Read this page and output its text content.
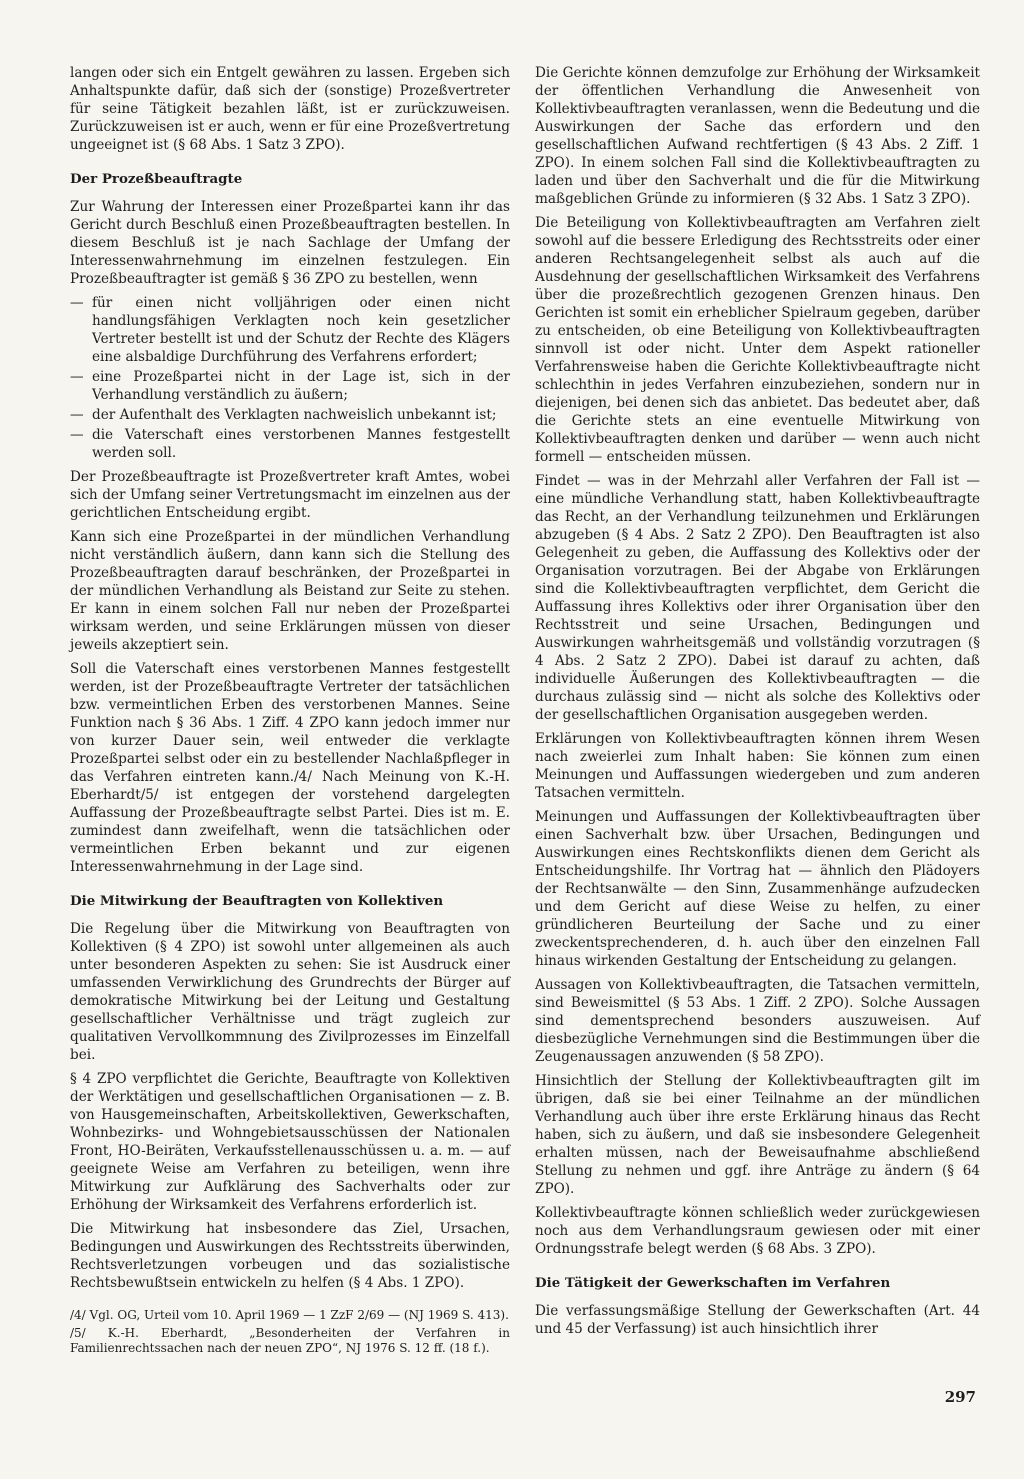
langen oder sich ein Entgelt gewähren zu lassen. Ergeben sich Anhaltspunkte dafür, daß sich der (sonstige) Prozeßvertreter für seine Tätigkeit bezahlen läßt, ist er zurückzuweisen. Zurückzuweisen ist er auch, wenn er für eine Prozeßvertretung ungeeignet ist (§ 68 Abs. 1 Satz 3 ZPO).

Der Prozeßbeauftragte

Zur Wahrung der Interessen einer Prozeßpartei kann ihr das Gericht durch Beschluß einen Prozeßbeauftragten bestellen. In diesem Beschluß ist je nach Sachlage der Umfang der Interessenwahrnehmung im einzelnen festzulegen. Ein Prozeßbeauftragter ist gemäß § 36 ZPO zu bestellen, wenn

— für einen nicht volljährigen oder einen nicht handlungsfähigen Verklagten noch kein gesetzlicher Vertreter bestellt ist und der Schutz der Rechte des Klägers eine alsbaldige Durchführung des Verfahrens erfordert;
— eine Prozeßpartei nicht in der Lage ist, sich in der Verhandlung verständlich zu äußern;
— der Aufenthalt des Verklagten nachweislich unbekannt ist;
— die Vaterschaft eines verstorbenen Mannes festgestellt werden soll.

Der Prozeßbeauftragte ist Prozeßvertreter kraft Amtes, wobei sich der Umfang seiner Vertretungsmacht im einzelnen aus der gerichtlichen Entscheidung ergibt.

Kann sich eine Prozeßpartei in der mündlichen Verhandlung nicht verständlich äußern, dann kann sich die Stellung des Prozeßbeauftragten darauf beschränken, der Prozeßpartei in der mündlichen Verhandlung als Beistand zur Seite zu stehen. Er kann in einem solchen Fall nur neben der Prozeßpartei wirksam werden, und seine Erklärungen müssen von dieser jeweils akzeptiert sein.

Soll die Vaterschaft eines verstorbenen Mannes festgestellt werden, ist der Prozeßbeauftragte Vertreter der tatsächlichen bzw. vermeintlichen Erben des verstorbenen Mannes. Seine Funktion nach § 36 Abs. 1 Ziff. 4 ZPO kann jedoch immer nur von kurzer Dauer sein, weil entweder die verklagte Prozeßpartei selbst oder ein zu bestellender Nachlaßpfleger in das Verfahren eintreten kann./4/ Nach Meinung von K.-H. Eberhardt/5/ ist entgegen der vorstehend dargelegten Auffassung der Prozeßbeauftragte selbst Partei. Dies ist m. E. zumindest dann zweifelhaft, wenn die tatsächlichen oder vermeintlichen Erben bekannt und zur eigenen Interessenwahrnehmung in der Lage sind.

Die Mitwirkung der Beauftragten von Kollektiven

Die Regelung über die Mitwirkung von Beauftragten von Kollektiven (§ 4 ZPO) ist sowohl unter allgemeinen als auch unter besonderen Aspekten zu sehen: Sie ist Ausdruck einer umfassenden Verwirklichung des Grundrechts der Bürger auf demokratische Mitwirkung bei der Leitung und Gestaltung gesellschaftlicher Verhältnisse und trägt zugleich zur qualitativen Vervollkommnung des Zivilprozesses im Einzelfall bei.

§ 4 ZPO verpflichtet die Gerichte, Beauftragte von Kollektiven der Werktätigen und gesellschaftlichen Organisationen — z. B. von Hausgemeinschaften, Arbeitskollektiven, Gewerkschaften, Wohnbezirks- und Wohngebietsausschüssen der Nationalen Front, HO-Beiräten, Verkaufsstellenausschüssen u. a. m. — auf geeignete Weise am Verfahren zu beteiligen, wenn ihre Mitwirkung zur Aufklärung des Sachverhalts oder zur Erhöhung der Wirksamkeit des Verfahrens erforderlich ist.

Die Mitwirkung hat insbesondere das Ziel, Ursachen, Bedingungen und Auswirkungen des Rechtsstreits überwinden, Rechtsverletzungen vorbeugen und das sozialistische Rechtsbewußtsein entwickeln zu helfen (§ 4 Abs. 1 ZPO).

/4/ Vgl. OG, Urteil vom 10. April 1969 — 1 ZzF 2/69 — (NJ 1969 S. 413).

/5/ K.-H. Eberhardt, „Besonderheiten der Verfahren in Familienrechtssachen nach der neuen ZPO“, NJ 1976 S. 12 ff. (18 f.).

Die Gerichte können demzufolge zur Erhöhung der Wirksamkeit der öffentlichen Verhandlung die Anwesenheit von Kollektivbeauftragten veranlassen, wenn die Bedeutung und die Auswirkungen der Sache das erfordern und den gesellschaftlichen Aufwand rechtfertigen (§ 43 Abs. 2 Ziff. 1 ZPO). In einem solchen Fall sind die Kollektivbeauftragten zu laden und über den Sachverhalt und die für die Mitwirkung maßgeblichen Gründe zu informieren (§ 32 Abs. 1 Satz 3 ZPO).

Die Beteiligung von Kollektivbeauftragten am Verfahren zielt sowohl auf die bessere Erledigung des Rechtsstreits oder einer anderen Rechtsangelegenheit selbst als auch auf die Ausdehnung der gesellschaftlichen Wirksamkeit des Verfahrens über die prozeßrechtlich gezogenen Grenzen hinaus. Den Gerichten ist somit ein erheblicher Spielraum gegeben, darüber zu entscheiden, ob eine Beteiligung von Kollektivbeauftragten sinnvoll ist oder nicht. Unter dem Aspekt rationeller Verfahrensweise haben die Gerichte Kollektivbeauftragte nicht schlechthin in jedes Verfahren einzubeziehen, sondern nur in diejenigen, bei denen sich das anbietet. Das bedeutet aber, daß die Gerichte stets an eine eventuelle Mitwirkung von Kollektivbeauftragten denken und darüber — wenn auch nicht formell — entscheiden müssen.

Findet — was in der Mehrzahl aller Verfahren der Fall ist — eine mündliche Verhandlung statt, haben Kollektivbeauftragte das Recht, an der Verhandlung teilzunehmen und Erklärungen abzugeben (§ 4 Abs. 2 Satz 2 ZPO). Den Beauftragten ist also Gelegenheit zu geben, die Auffassung des Kollektivs oder der Organisation vorzutragen. Bei der Abgabe von Erklärungen sind die Kollektivbeauftragten verpflichtet, dem Gericht die Auffassung ihres Kollektivs oder ihrer Organisation über den Rechtsstreit und seine Ursachen, Bedingungen und Auswirkungen wahrheitsgemäß und vollständig vorzutragen (§ 4 Abs. 2 Satz 2 ZPO). Dabei ist darauf zu achten, daß individuelle Äußerungen des Kollektivbeauftragten — die durchaus zulässig sind — nicht als solche des Kollektivs oder der gesellschaftlichen Organisation ausgegeben werden.

Erklärungen von Kollektivbeauftragten können ihrem Wesen nach zweierlei zum Inhalt haben: Sie können zum einen Meinungen und Auffassungen wiedergeben und zum anderen Tatsachen vermitteln.

Meinungen und Auffassungen der Kollektivbeauftragten über einen Sachverhalt bzw. über Ursachen, Bedingungen und Auswirkungen eines Rechtskonflikts dienen dem Gericht als Entscheidungshilfe. Ihr Vortrag hat — ähnlich den Plädoyers der Rechtsanwälte — den Sinn, Zusammenhänge aufzudecken und dem Gericht auf diese Weise zu helfen, zu einer gründlicheren Beurteilung der Sache und zu einer zweckentsprechenderen, d. h. auch über den einzelnen Fall hinaus wirkenden Gestaltung der Entscheidung zu gelangen.

Aussagen von Kollektivbeauftragten, die Tatsachen vermitteln, sind Beweismittel (§ 53 Abs. 1 Ziff. 2 ZPO). Solche Aussagen sind dementsprechend besonders auszuweisen. Auf diesbezügliche Vernehmungen sind die Bestimmungen über die Zeugenaussagen anzuwenden (§ 58 ZPO).

Hinsichtlich der Stellung der Kollektivbeauftragten gilt im übrigen, daß sie bei einer Teilnahme an der mündlichen Verhandlung auch über ihre erste Erklärung hinaus das Recht haben, sich zu äußern, und daß sie insbesondere Gelegenheit erhalten müssen, nach der Beweisaufnahme abschließend Stellung zu nehmen und ggf. ihre Anträge zu ändern (§ 64 ZPO).

Kollektivbeauftragte können schließlich weder zurückgewiesen noch aus dem Verhandlungsraum gewiesen oder mit einer Ordnungsstrafe belegt werden (§ 68 Abs. 3 ZPO).

Die Tätigkeit der Gewerkschaften im Verfahren

Die verfassungsmäßige Stellung der Gewerkschaften (Art. 44 und 45 der Verfassung) ist auch hinsichtlich ihrer

297
